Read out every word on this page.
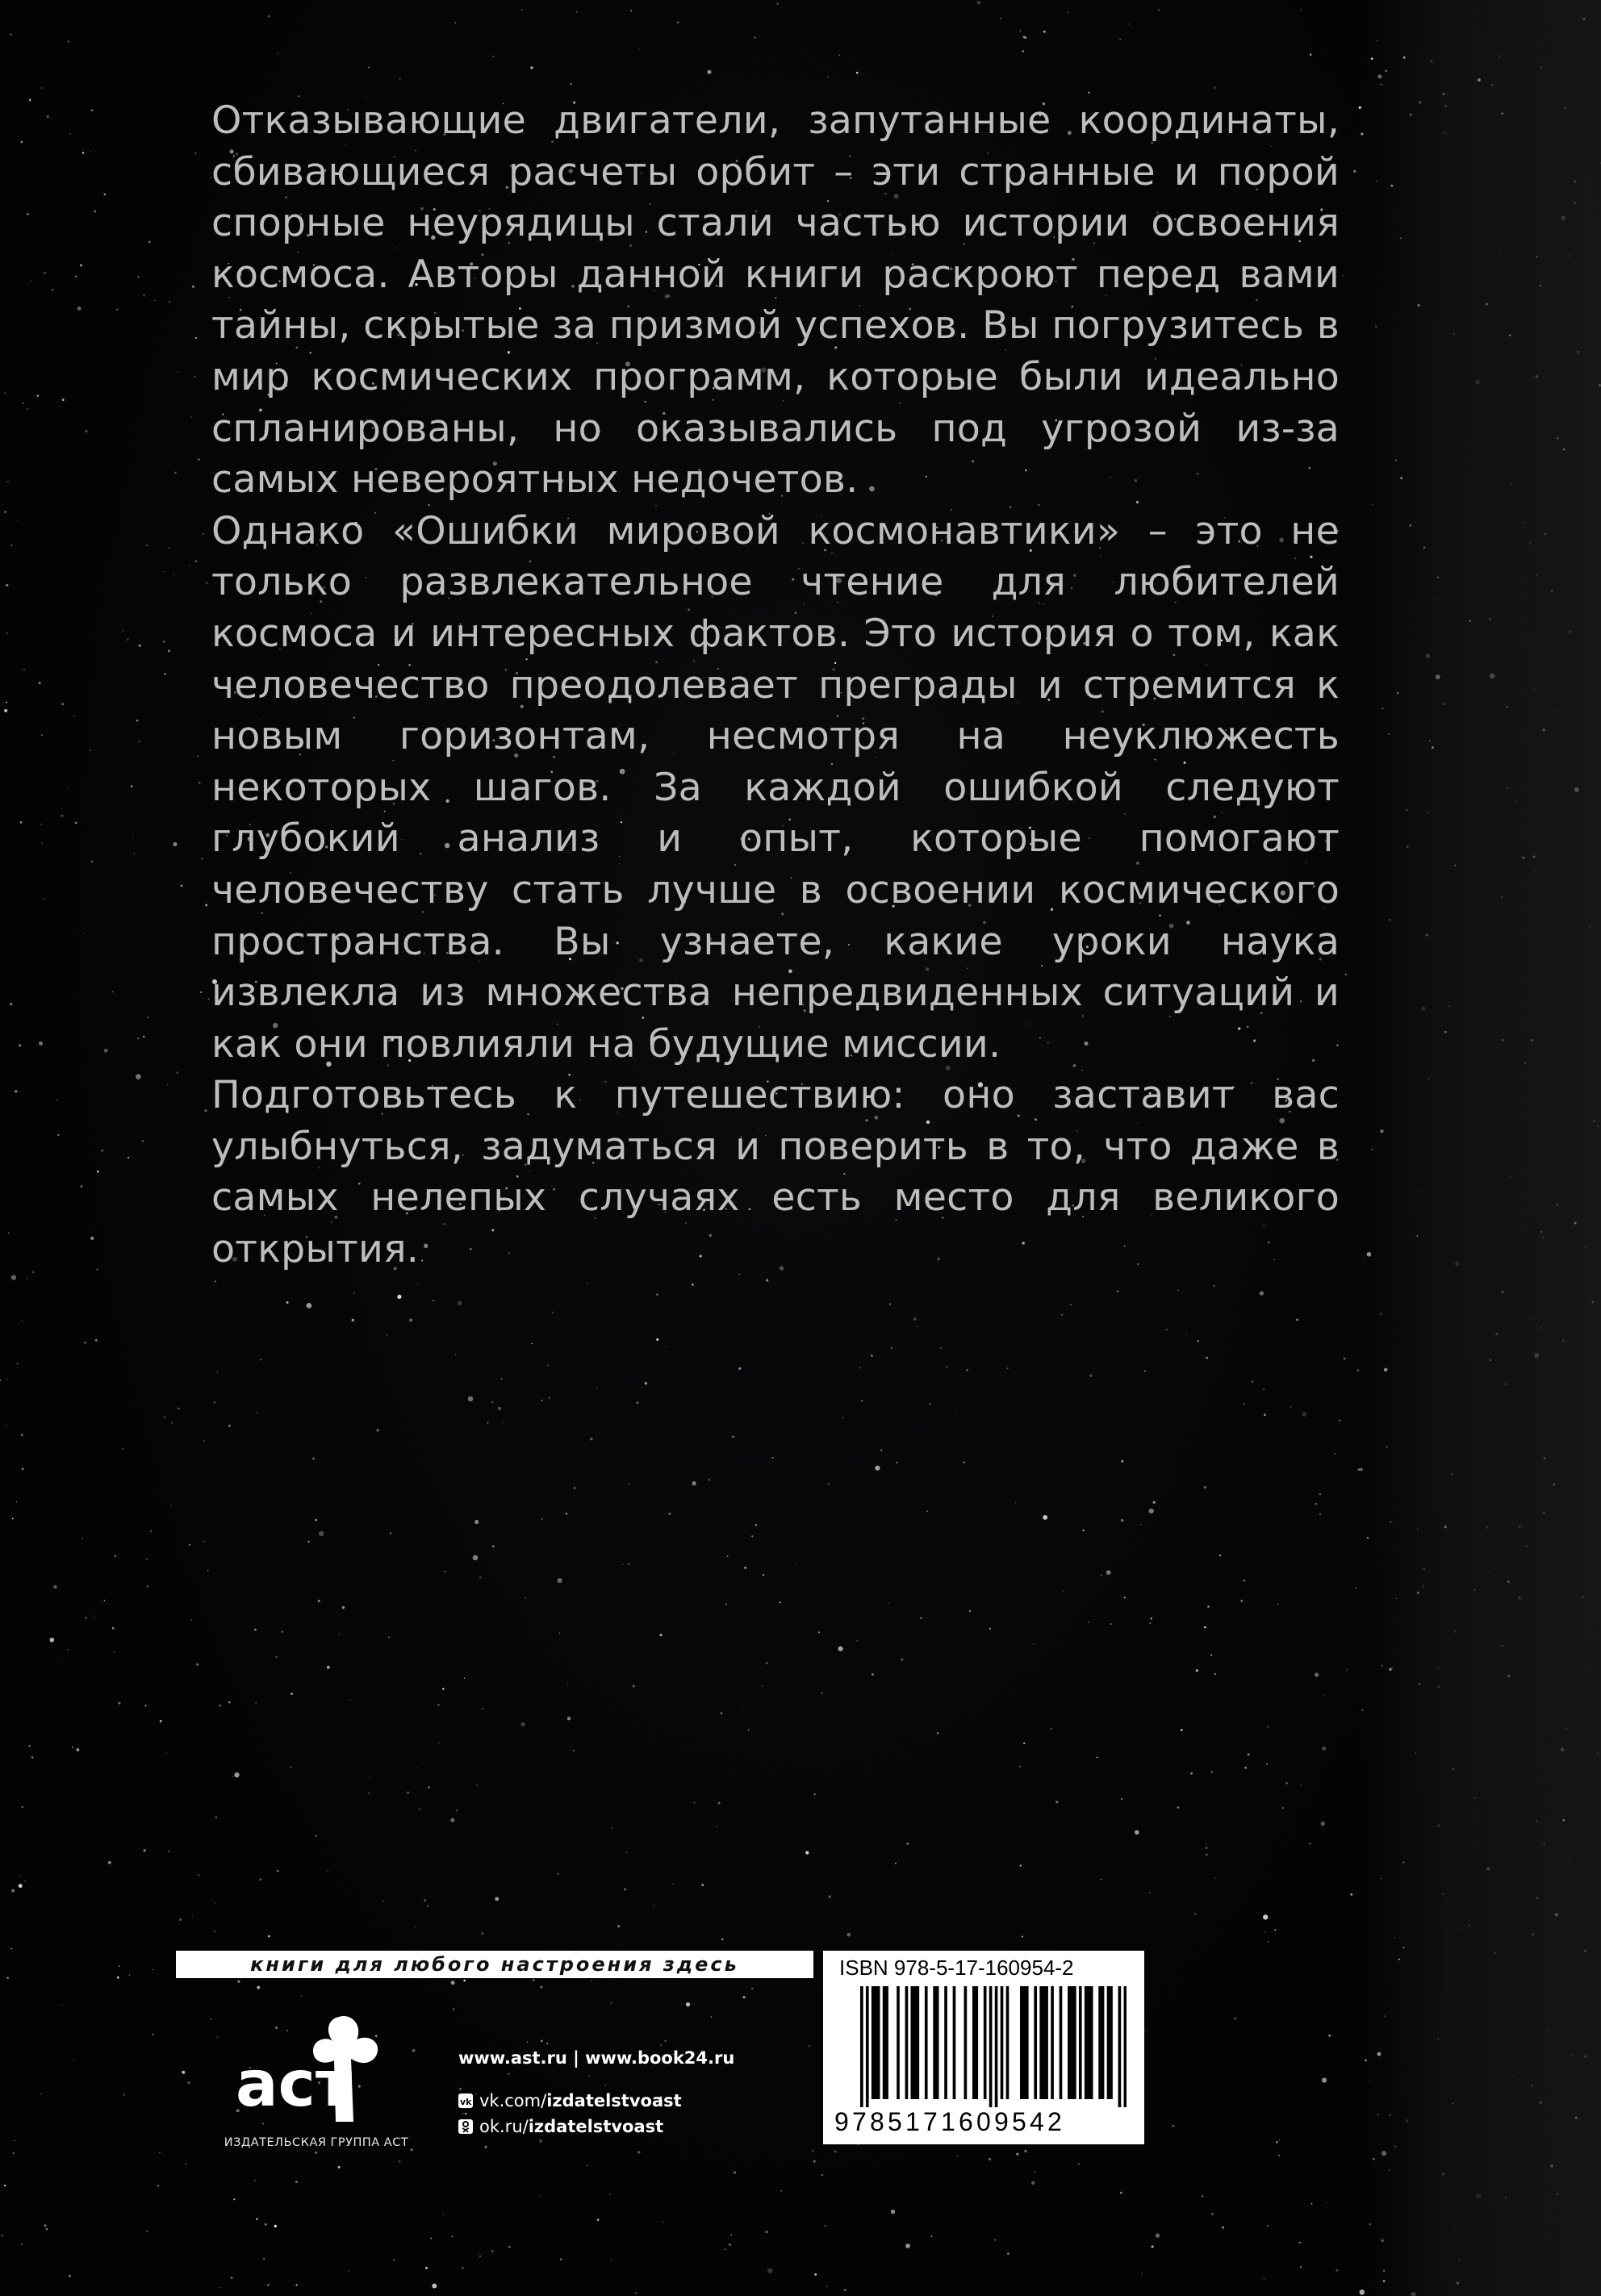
Отказывающие двигатели, запутанные координаты, сбивающиеся расчеты орбит – эти странные и порой спорные неурядицы стали частью истории освоения космоса. Авторы данной книги раскроют перед вами тайны, скрытые за призмой успехов. Вы погрузитесь в мир космических программ, которые были идеально спланированы, но оказывались под угрозой из-за самых невероятных недочетов.

Однако «Ошибки мировой космонавтики» – это не только развлекательное чтение для любителей космоса и интересных фактов. Это история о том, как человечество преодолевает преграды и стремится к новым горизонтам, несмотря на неуклюжесть некоторых шагов. За каждой ошибкой следуют глубокий анализ и опыт, которые помогают человечеству стать лучше в освоении космического пространства. Вы узнаете, какие уроки наука извлекла из множества непредвиденных ситуаций и как они повлияли на будущие миссии.

Подготовьтесь к путешествию: оно заставит вас улыбнуться, задуматься и поверить в то, что даже в самых нелепых случаях есть место для великого открытия.

книги для любого настроения здесь
аст
ИЗДАТЕЛЬСКАЯ ГРУППА АСТ
www.ast.ru | www.book24.ru
vk vk.com/ izdatelstvoast
ok.ru/ izdatelstvoast
ISBN 978-5-17-160954-2
9785171609542
